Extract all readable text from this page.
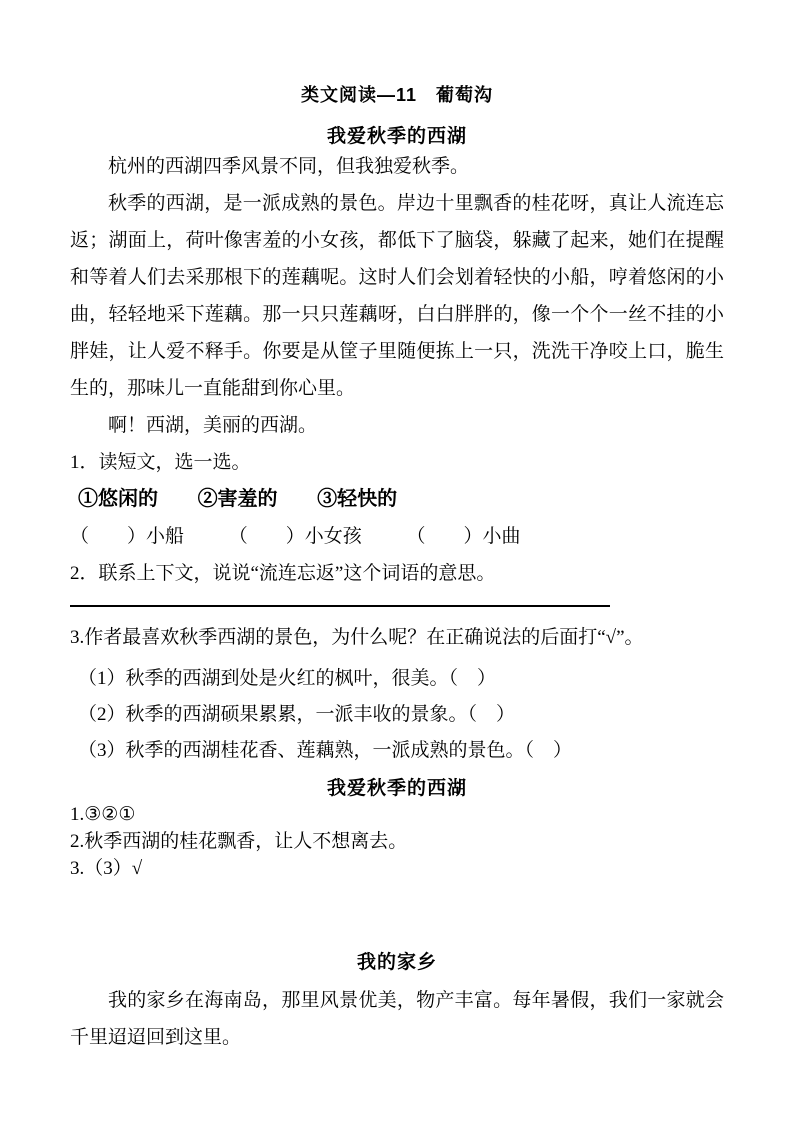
类文阅读—11　葡萄沟
我爱秋季的西湖

杭州的西湖四季风景不同，但我独爱秋季。

秋季的西湖，是一派成熟的景色。岸边十里飘香的桂花呀，真让人流连忘返；湖面上，荷叶像害羞的小女孩，都低下了脑袋，躲藏了起来，她们在提醒和等着人们去采那根下的莲藕呢。这时人们会划着轻快的小船，哼着悠闲的小曲，轻轻地采下莲藕。那一只只莲藕呀，白白胖胖的，像一个个一丝不挂的小胖娃，让人爱不释手。你要是从筐子里随便拣上一只，洗洗干净咬上口，脆生生的，那味儿一直能甜到你心里。

啊！西湖，美丽的西湖。

1．读短文，选一选。

①悠闲的 ②害羞的 ③轻快的

（　　）小船 （　　）小女孩 （　　）小曲

2．联系上下文，说说“流连忘返”这个词语的意思。

3.作者最喜欢秋季西湖的景色，为什么呢？在正确说法的后面打“√”。

（1）秋季的西湖到处是火红的枫叶，很美。（　）

（2）秋季的西湖硕果累累，一派丰收的景象。（　）

（3）秋季的西湖桂花香、莲藕熟，一派成熟的景色。（　）

我爱秋季的西湖

1.③②①

2.秋季西湖的桂花飘香，让人不想离去。

3.（3）√

我的家乡

我的家乡在海南岛，那里风景优美，物产丰富。每年暑假，我们一家就会千里迢迢回到这里。
